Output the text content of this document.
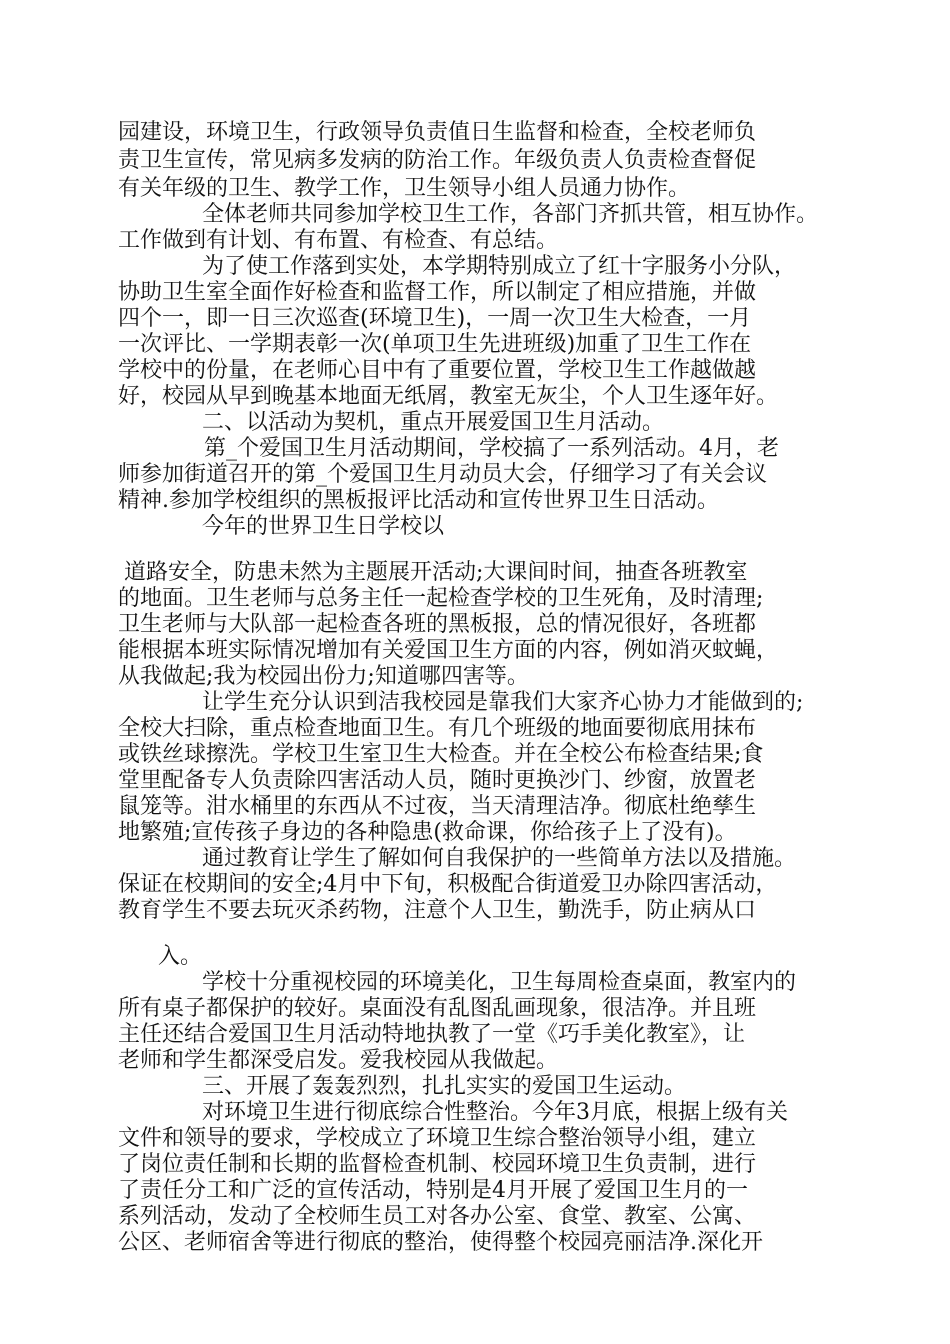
园建设，环境卫生，行政领导负责值日生监督和检查，全校老师负

责卫生宣传，常见病多发病的防治工作。年级负责人负责检查督促

有关年级的卫生、教学工作，卫生领导小组人员通力协作。

全体老师共同参加学校卫生工作，各部门齐抓共管，相互协作。

工作做到有计划、有布置、有检查、有总结。

为了使工作落到实处，本学期特别成立了红十字服务小分队，

协助卫生室全面作好检查和监督工作，所以制定了相应措施，并做

四个一，即一日三次巡查(环境卫生)，一周一次卫生大检查，一月

一次评比、一学期表彰一次(单项卫生先进班级)加重了卫生工作在

学校中的份量，在老师心目中有了重要位置，学校卫生工作越做越

好，校园从早到晚基本地面无纸屑，教室无灰尘，个人卫生逐年好。

二、以活动为契机，重点开展爱国卫生月活动。

第_个爱国卫生月活动期间，学校搞了一系列活动。4月，老

师参加街道召开的第_个爱国卫生月动员大会，仔细学习了有关会议

精神.参加学校组织的黑板报评比活动和宣传世界卫生日活动。

今年的世界卫生日学校以

道路安全，防患未然为主题展开活动;大课间时间，抽查各班教室

的地面。卫生老师与总务主任一起检查学校的卫生死角，及时清理;

卫生老师与大队部一起检查各班的黑板报，总的情况很好，各班都

能根据本班实际情况增加有关爱国卫生方面的内容，例如消灭蚊蝇，

从我做起;我为校园出份力;知道哪四害等。

让学生充分认识到洁我校园是靠我们大家齐心协力才能做到的;

全校大扫除，重点检查地面卫生。有几个班级的地面要彻底用抹布

或铁丝球擦洗。学校卫生室卫生大检查。并在全校公布检查结果;食

堂里配备专人负责除四害活动人员，随时更换沙门、纱窗，放置老

鼠笼等。泔水桶里的东西从不过夜，当天清理洁净。彻底杜绝孳生

地繁殖;宣传孩子身边的各种隐患(救命课，你给孩子上了没有)。

通过教育让学生了解如何自我保护的一些简单方法以及措施。

保证在校期间的安全;4月中下旬，积极配合街道爱卫办除四害活动，

教育学生不要去玩灭杀药物，注意个人卫生，勤洗手，防止病从口

入。

学校十分重视校园的环境美化，卫生每周检查桌面，教室内的

所有桌子都保护的较好。桌面没有乱图乱画现象，很洁净。并且班

主任还结合爱国卫生月活动特地执教了一堂《巧手美化教室》，让

老师和学生都深受启发。爱我校园从我做起。

三、开展了轰轰烈烈，扎扎实实的爱国卫生运动。

对环境卫生进行彻底综合性整治。今年3月底，根据上级有关

文件和领导的要求，学校成立了环境卫生综合整治领导小组，建立

了岗位责任制和长期的监督检查机制、校园环境卫生负责制，进行

了责任分工和广泛的宣传活动，特别是4月开展了爱国卫生月的一

系列活动，发动了全校师生员工对各办公室、食堂、教室、公寓、

公区、老师宿舍等进行彻底的整治，使得整个校园亮丽洁净.深化开
